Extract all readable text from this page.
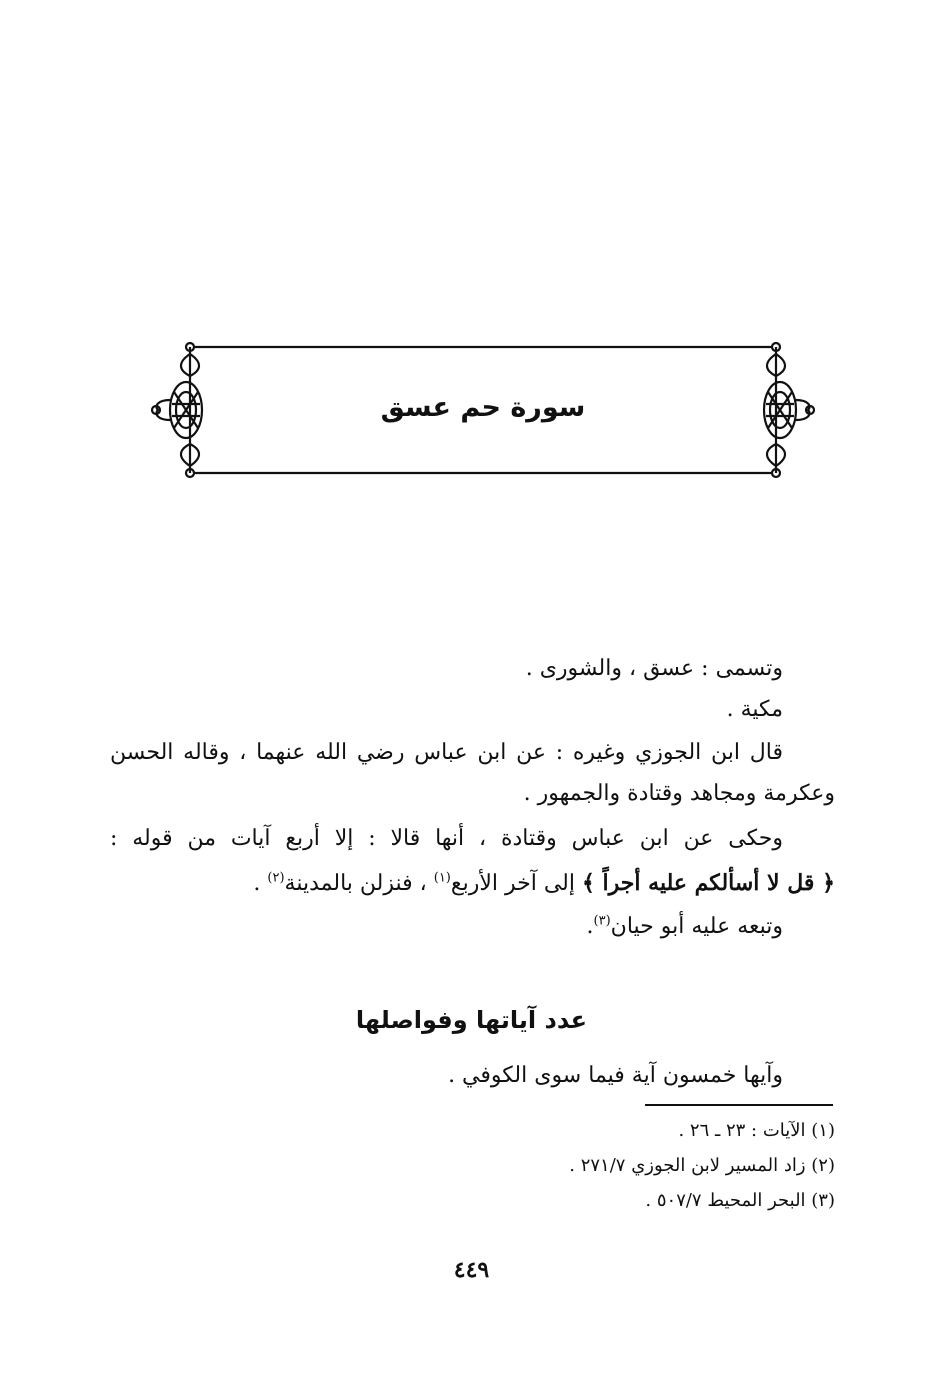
سورة حم عسق
وتسمى : عسق ، والشورى .
مكية .
قال ابن الجوزي وغيره : عن ابن عباس رضي الله عنهما ، وقاله الحسن
وعكرمة ومجاهد وقتادة والجمهور .
وحكى عن ابن عباس وقتادة ، أنها قالا : إلا أربع آيات من قوله :
﴿ قل لا أسألكم عليه أجراً ﴾ إلى آخر الأربع$^{(١)}$ ، فنزلن بالمدينة$^{(٢)}$ .
وتبعه عليه أبو حيان$^{(٣)}$.
عدد آياتها وفواصلها
وآيها خمسون آية فيما سوى الكوفي .
(١) الآيات : ٢٣ ـ ٢٦ .
(٢) زاد المسير لابن الجوزي ٢٧١/٧ .
(٣) البحر المحيط ٥٠٧/٧ .
٤٤٩
